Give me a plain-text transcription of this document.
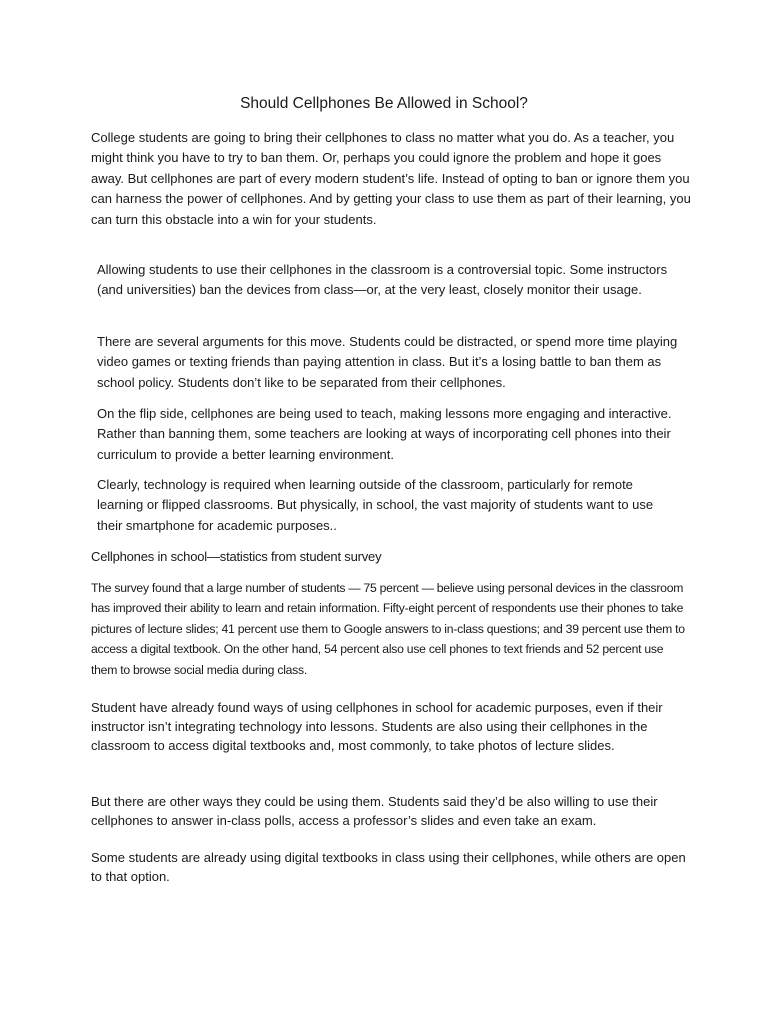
Should Cellphones Be Allowed in School?

College students are going to bring their cellphones to class no matter what you do. As a teacher, you might think you have to try to ban them. Or, perhaps you could ignore the problem and hope it goes away. But cellphones are part of every modern student’s life. Instead of opting to ban or ignore them you can harness the power of cellphones. And by getting your class to use them as part of their learning, you can turn this obstacle into a win for your students.

Allowing students to use their cellphones in the classroom is a controversial topic. Some instructors (and universities) ban the devices from class—or, at the very least, closely monitor their usage.

There are several arguments for this move. Students could be distracted, or spend more time playing video games or texting friends than paying attention in class. But it’s a losing battle to ban them as school policy. Students don’t like to be separated from their cellphones.

On the flip side, cellphones are being used to teach, making lessons more engaging and interactive. Rather than banning them, some teachers are looking at ways of incorporating cell phones into their curriculum to provide a better learning environment.

Clearly, technology is required when learning outside of the classroom, particularly for remote learning or flipped classrooms. But physically, in school, the vast majority of students want to use their smartphone for academic purposes..

Cellphones in school—statistics from student survey

The survey found that a large number of students — 75 percent — believe using personal devices in the classroom has improved their ability to learn and retain information. Fifty-eight percent of respondents use their phones to take pictures of lecture slides; 41 percent use them to Google answers to in-class questions; and 39 percent use them to access a digital textbook. On the other hand, 54 percent also use cell phones to text friends and 52 percent use them to browse social media during class.

Student have already found ways of using cellphones in school for academic purposes, even if their instructor isn’t integrating technology into lessons. Students are also using their cellphones in the classroom to access digital textbooks and, most commonly, to take photos of lecture slides.

But there are other ways they could be using them. Students said they’d be also willing to use their cellphones to answer in-class polls, access a professor’s slides and even take an exam.

Some students are already using digital textbooks in class using their cellphones, while others are open to that option.
